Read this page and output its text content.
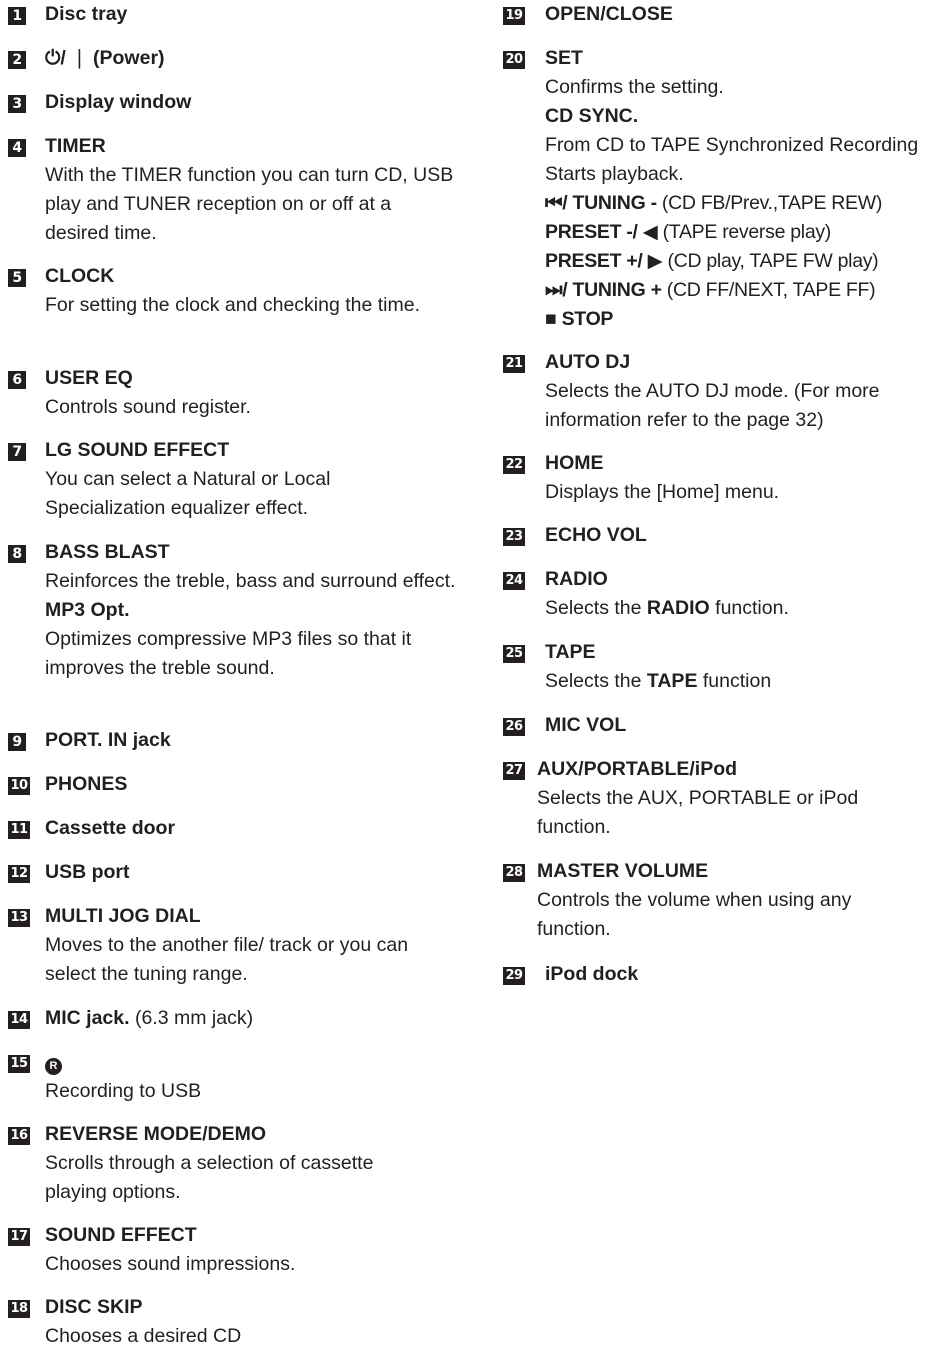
1 Disc tray
2 ⏻/ ❘ (Power)
3 Display window
4 TIMER
With the TIMER function you can turn CD, USB play and TUNER reception on or off at a desired time.
5 CLOCK
For setting the clock and checking the time.
6 USER EQ
Controls sound register.
7 LG SOUND EFFECT
You can select a Natural or Local Specialization equalizer effect.
8 BASS BLAST
Reinforces the treble, bass and surround effect.
MP3 Opt.
Optimizes compressive MP3 files so that it improves the treble sound.
9 PORT. IN jack
10 PHONES
11 Cassette door
12 USB port
13 MULTI JOG DIAL
Moves to the another file/ track or you can select the tuning range.
14 MIC jack. (6.3 mm jack)
15	R
Recording to USB
16 REVERSE MODE/DEMO
Scrolls through a selection of cassette playing options.
17 SOUND EFFECT
Chooses sound impressions.
18 DISC SKIP
Chooses a desired CD
19 OPEN/CLOSE
20 SET
Confirms the setting.
CD SYNC.
From CD to TAPE Synchronized Recording
Starts playback.
⏮/ TUNING - (CD FB/Prev.,TAPE REW)
PRESET -/ ◀ (TAPE reverse play)
PRESET +/ ▶ (CD play, TAPE FW play)
⏭/ TUNING + (CD FF/NEXT, TAPE FF)
■ STOP
21 AUTO DJ
Selects the AUTO DJ mode. (For more information refer to the page 32)
22 HOME
Displays the [Home] menu.
23 ECHO VOL
24 RADIO
Selects the RADIO function.
25 TAPE
Selects the TAPE function
26 MIC VOL
27 AUX/PORTABLE/iPod
Selects the AUX, PORTABLE or iPod function.
28 MASTER VOLUME
Controls the volume when using any function.
29 iPod dock
